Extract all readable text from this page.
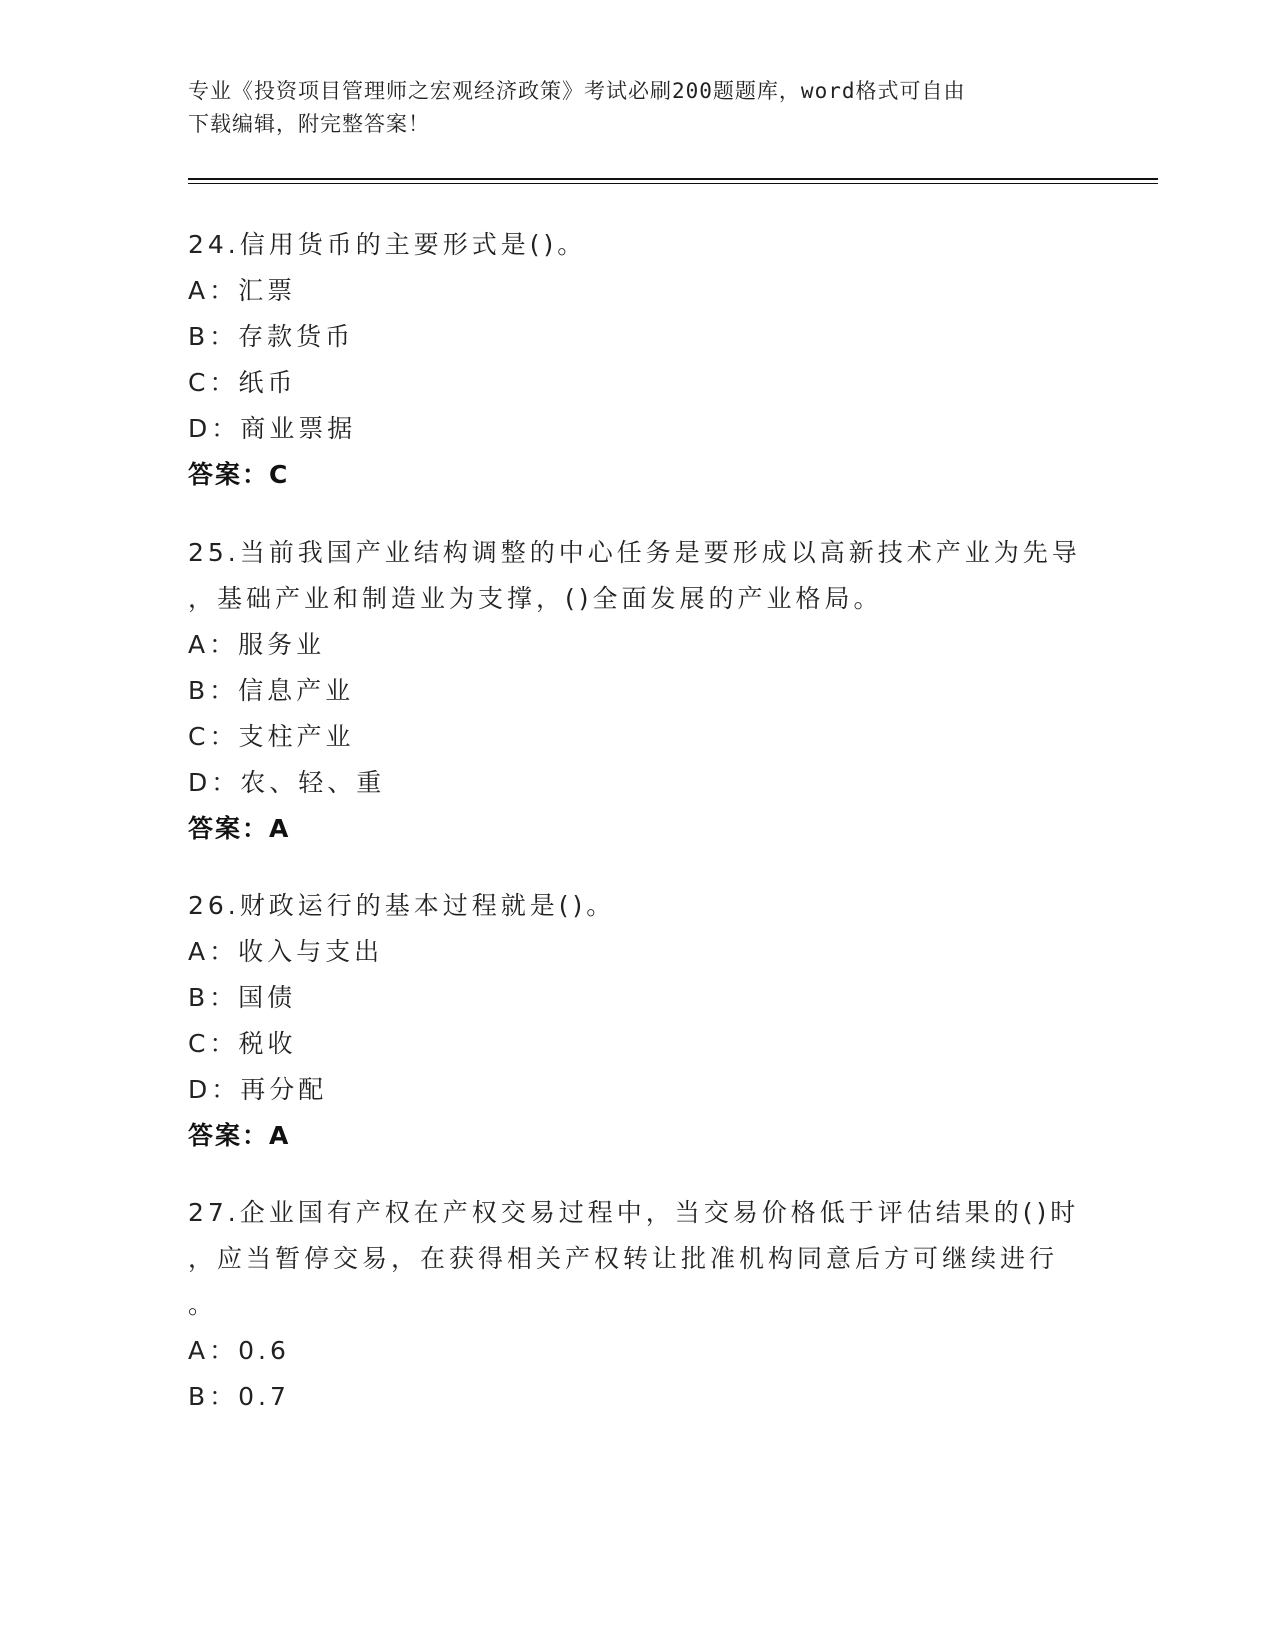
专业《投资项目管理师之宏观经济政策》考试必刷200题题库，word格式可自由
下载编辑，附完整答案！
24.信用货币的主要形式是()。
A：汇票
B：存款货币
C：纸币
D：商业票据
答案：C
25.当前我国产业结构调整的中心任务是要形成以高新技术产业为先导
，基础产业和制造业为支撑，()全面发展的产业格局。
A：服务业
B：信息产业
C：支柱产业
D：农、轻、重
答案：A
26.财政运行的基本过程就是()。
A：收入与支出
B：国债
C：税收
D：再分配
答案：A
27.企业国有产权在产权交易过程中，当交易价格低于评估结果的()时
，应当暂停交易，在获得相关产权转让批准机构同意后方可继续进行
。
A：0.6
B：0.7
